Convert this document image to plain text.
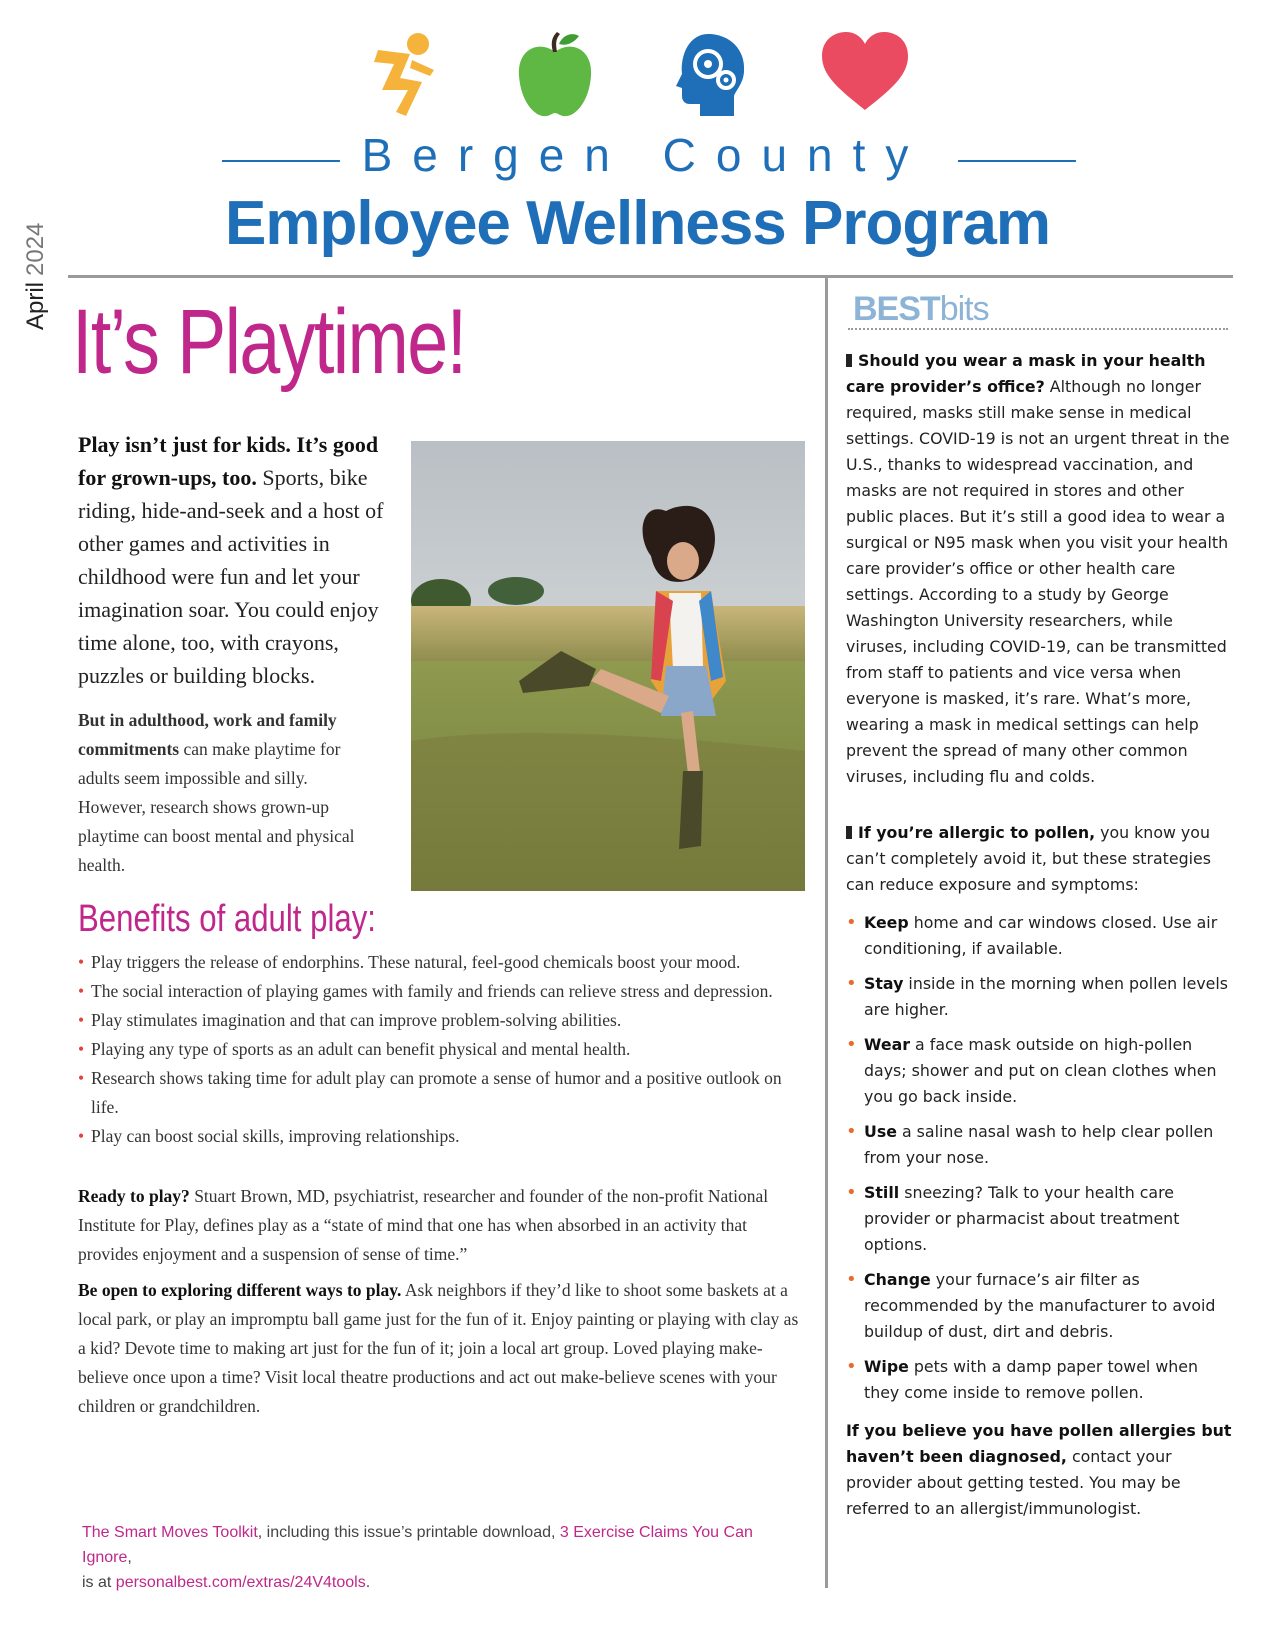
Bergen County
Employee Wellness Program
April2024
It’s Playtime!
Play isn’t just for kids. It’s good for grown-ups, too. Sports, bike riding, hide-and-seek and a host of other games and activities in childhood were fun and let your imagination soar. You could enjoy time alone, too, with crayons, puzzles or building blocks.
But in adulthood, work and family commitments can make playtime for adults seem impossible and silly. However, research shows grown-up playtime can boost mental and physical health.
Benefits of adult play:
• Play triggers the release of endorphins. These natural, feel-good chemicals boost your mood.
• The social interaction of playing games with family and friends can relieve stress and depression.
• Play stimulates imagination and that can improve problem-solving abilities.
• Playing any type of sports as an adult can benefit physical and mental health.
• Research shows taking time for adult play can promote a sense of humor and a positive outlook on life.
• Play can boost social skills, improving relationships.

Ready to play? Stuart Brown, MD, psychiatrist, researcher and founder of the non-profit National Institute for Play, defines play as a “state of mind that one has when absorbed in an activity that provides enjoyment and a suspension of sense of time.”

Be open to exploring different ways to play. Ask neighbors if they’d like to shoot some baskets at a local park, or play an impromptu ball game just for the fun of it. Enjoy painting or playing with clay as a kid? Devote time to making art just for the fun of it; join a local art group. Loved playing make-believe once upon a time? Visit local theatre productions and act out make-believe scenes with your children or grandchildren.

The Smart Moves Toolkit, including this issue’s printable download, 3 Exercise Claims You Can Ignore,
is at personalbest.com/extras/24V4tools.
BESTbits

Should you wear a mask in your health care provider’s office? Although no longer required, masks still make sense in medical settings. COVID-19 is not an urgent threat in the U.S., thanks to widespread vaccination, and masks are not required in stores and other public places. But it’s still a good idea to wear a surgical or N95 mask when you visit your health care provider’s office or other health care settings. According to a study by George Washington University researchers, while viruses, including COVID-19, can be transmitted from staff to patients and vice versa when everyone is masked, it’s rare. What’s more, wearing a mask in medical settings can help prevent the spread of many other common viruses, including flu and colds.

If you’re allergic to pollen, you know you can’t completely avoid it, but these strategies can reduce exposure and symptoms:

• Keep home and car windows closed. Use air conditioning, if available.
• Stay inside in the morning when pollen levels are higher.
• Wear a face mask outside on high-pollen days; shower and put on clean clothes when you go back inside.
• Use a saline nasal wash to help clear pollen from your nose.
• Still sneezing? Talk to your health care provider or pharmacist about treatment options.
• Change your furnace’s air filter as recommended by the manufacturer to avoid buildup of dust, dirt and debris.
• Wipe pets with a damp paper towel when they come inside to remove pollen.

If you believe you have pollen allergies but haven’t been diagnosed, contact your provider about getting tested. You may be referred to an allergist/immunologist.
